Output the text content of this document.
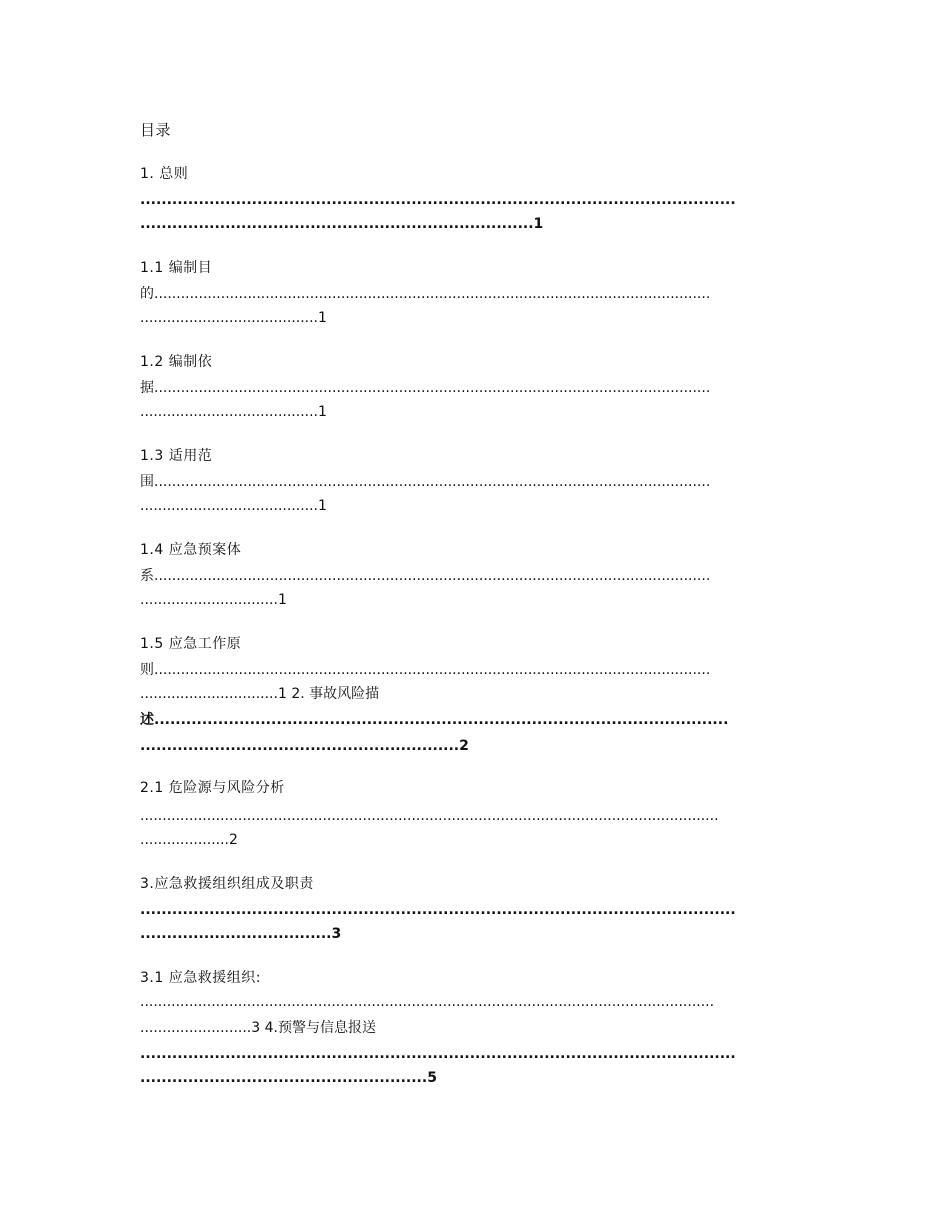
目录
1. 总则
................................................................................................................
..........................................................................1
1.1 编制目
的.............................................................................................................................
........................................1
1.2 编制依
据.............................................................................................................................
........................................1
1.3 适用范
围.............................................................................................................................
........................................1
1.4 应急预案体
系.............................................................................................................................
...............................1
1.5 应急工作原
则.............................................................................................................................
...............................1 2. 事故风险描
述............................................................................................................
............................................................2
2.1 危险源与风险分析
..................................................................................................................................
....................2
3.应急救援组织组成及职责
................................................................................................................
....................................3
3.1 应急救援组织:
.................................................................................................................................
.........................3 4.预警与信息报送
................................................................................................................
......................................................5
